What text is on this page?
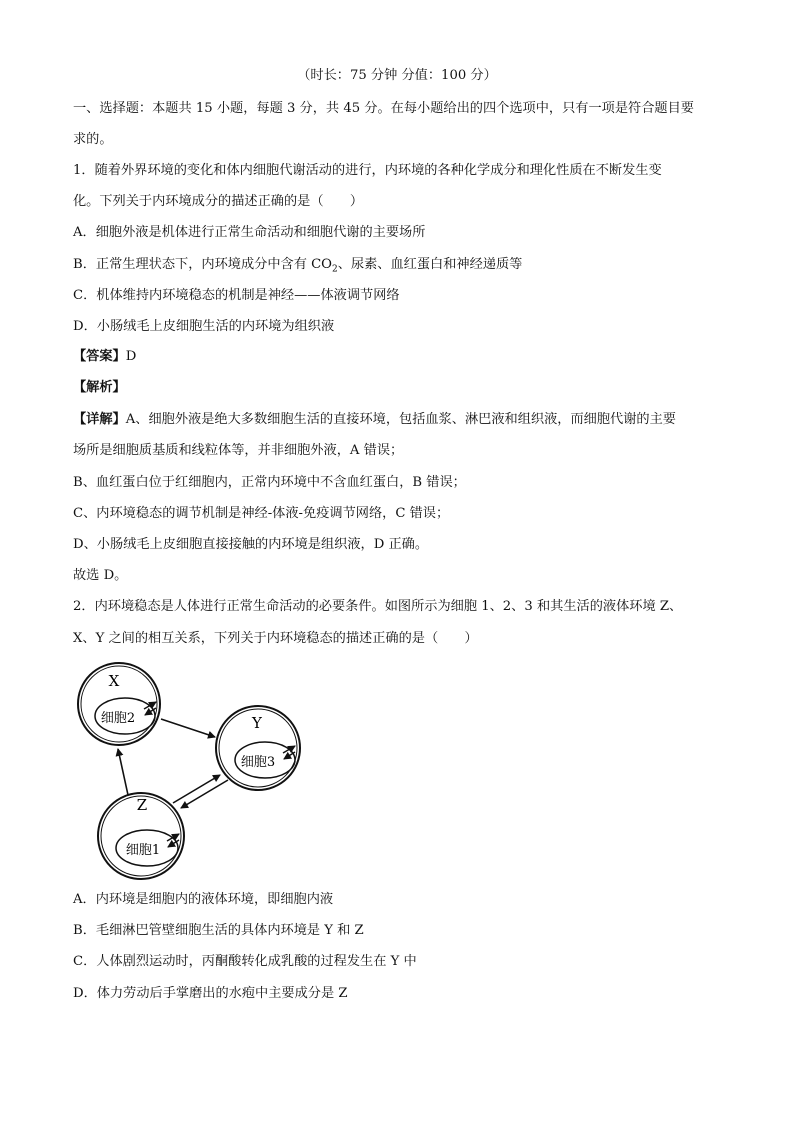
（时长：75 分钟 分值：100 分）
一、选择题：本题共 15 小题，每题 3 分，共 45 分。在每小题给出的四个选项中，只有一项是符合题目要
求的。
1．随着外界环境的变化和体内细胞代谢活动的进行，内环境的各种化学成分和理化性质在不断发生变
化。下列关于内环境成分的描述正确的是（　　）
A．细胞外液是机体进行正常生命活动和细胞代谢的主要场所
B．正常生理状态下，内环境成分中含有 $CO_2$、尿素、血红蛋白和神经递质等
C．机体维持内环境稳态的机制是神经——体液调节网络
D．小肠绒毛上皮细胞生活的内环境为组织液
【答案】D
【解析】
【详解】A、细胞外液是绝大多数细胞生活的直接环境，包括血浆、淋巴液和组织液，而细胞代谢的主要
场所是细胞质基质和线粒体等，并非细胞外液，A 错误；
B、血红蛋白位于红细胞内，正常内环境中不含血红蛋白，B 错误；
C、内环境稳态的调节机制是神经-体液-免疫调节网络，C 错误；
D、小肠绒毛上皮细胞直接接触的内环境是组织液，D 正确。
故选 D。
2．内环境稳态是人体进行正常生命活动的必要条件。如图所示为细胞 1、2、3 和其生活的液体环境 Z、
X、Y 之间的相互关系，下列关于内环境稳态的描述正确的是（　　）
X
细胞2	Y
细胞3
Z
细胞1
A．内环境是细胞内的液体环境，即细胞内液
B．毛细淋巴管壁细胞生活的具体内环境是 Y 和 Z
C．人体剧烈运动时，丙酮酸转化成乳酸的过程发生在 Y 中
D．体力劳动后手掌磨出的水疱中主要成分是 Z
